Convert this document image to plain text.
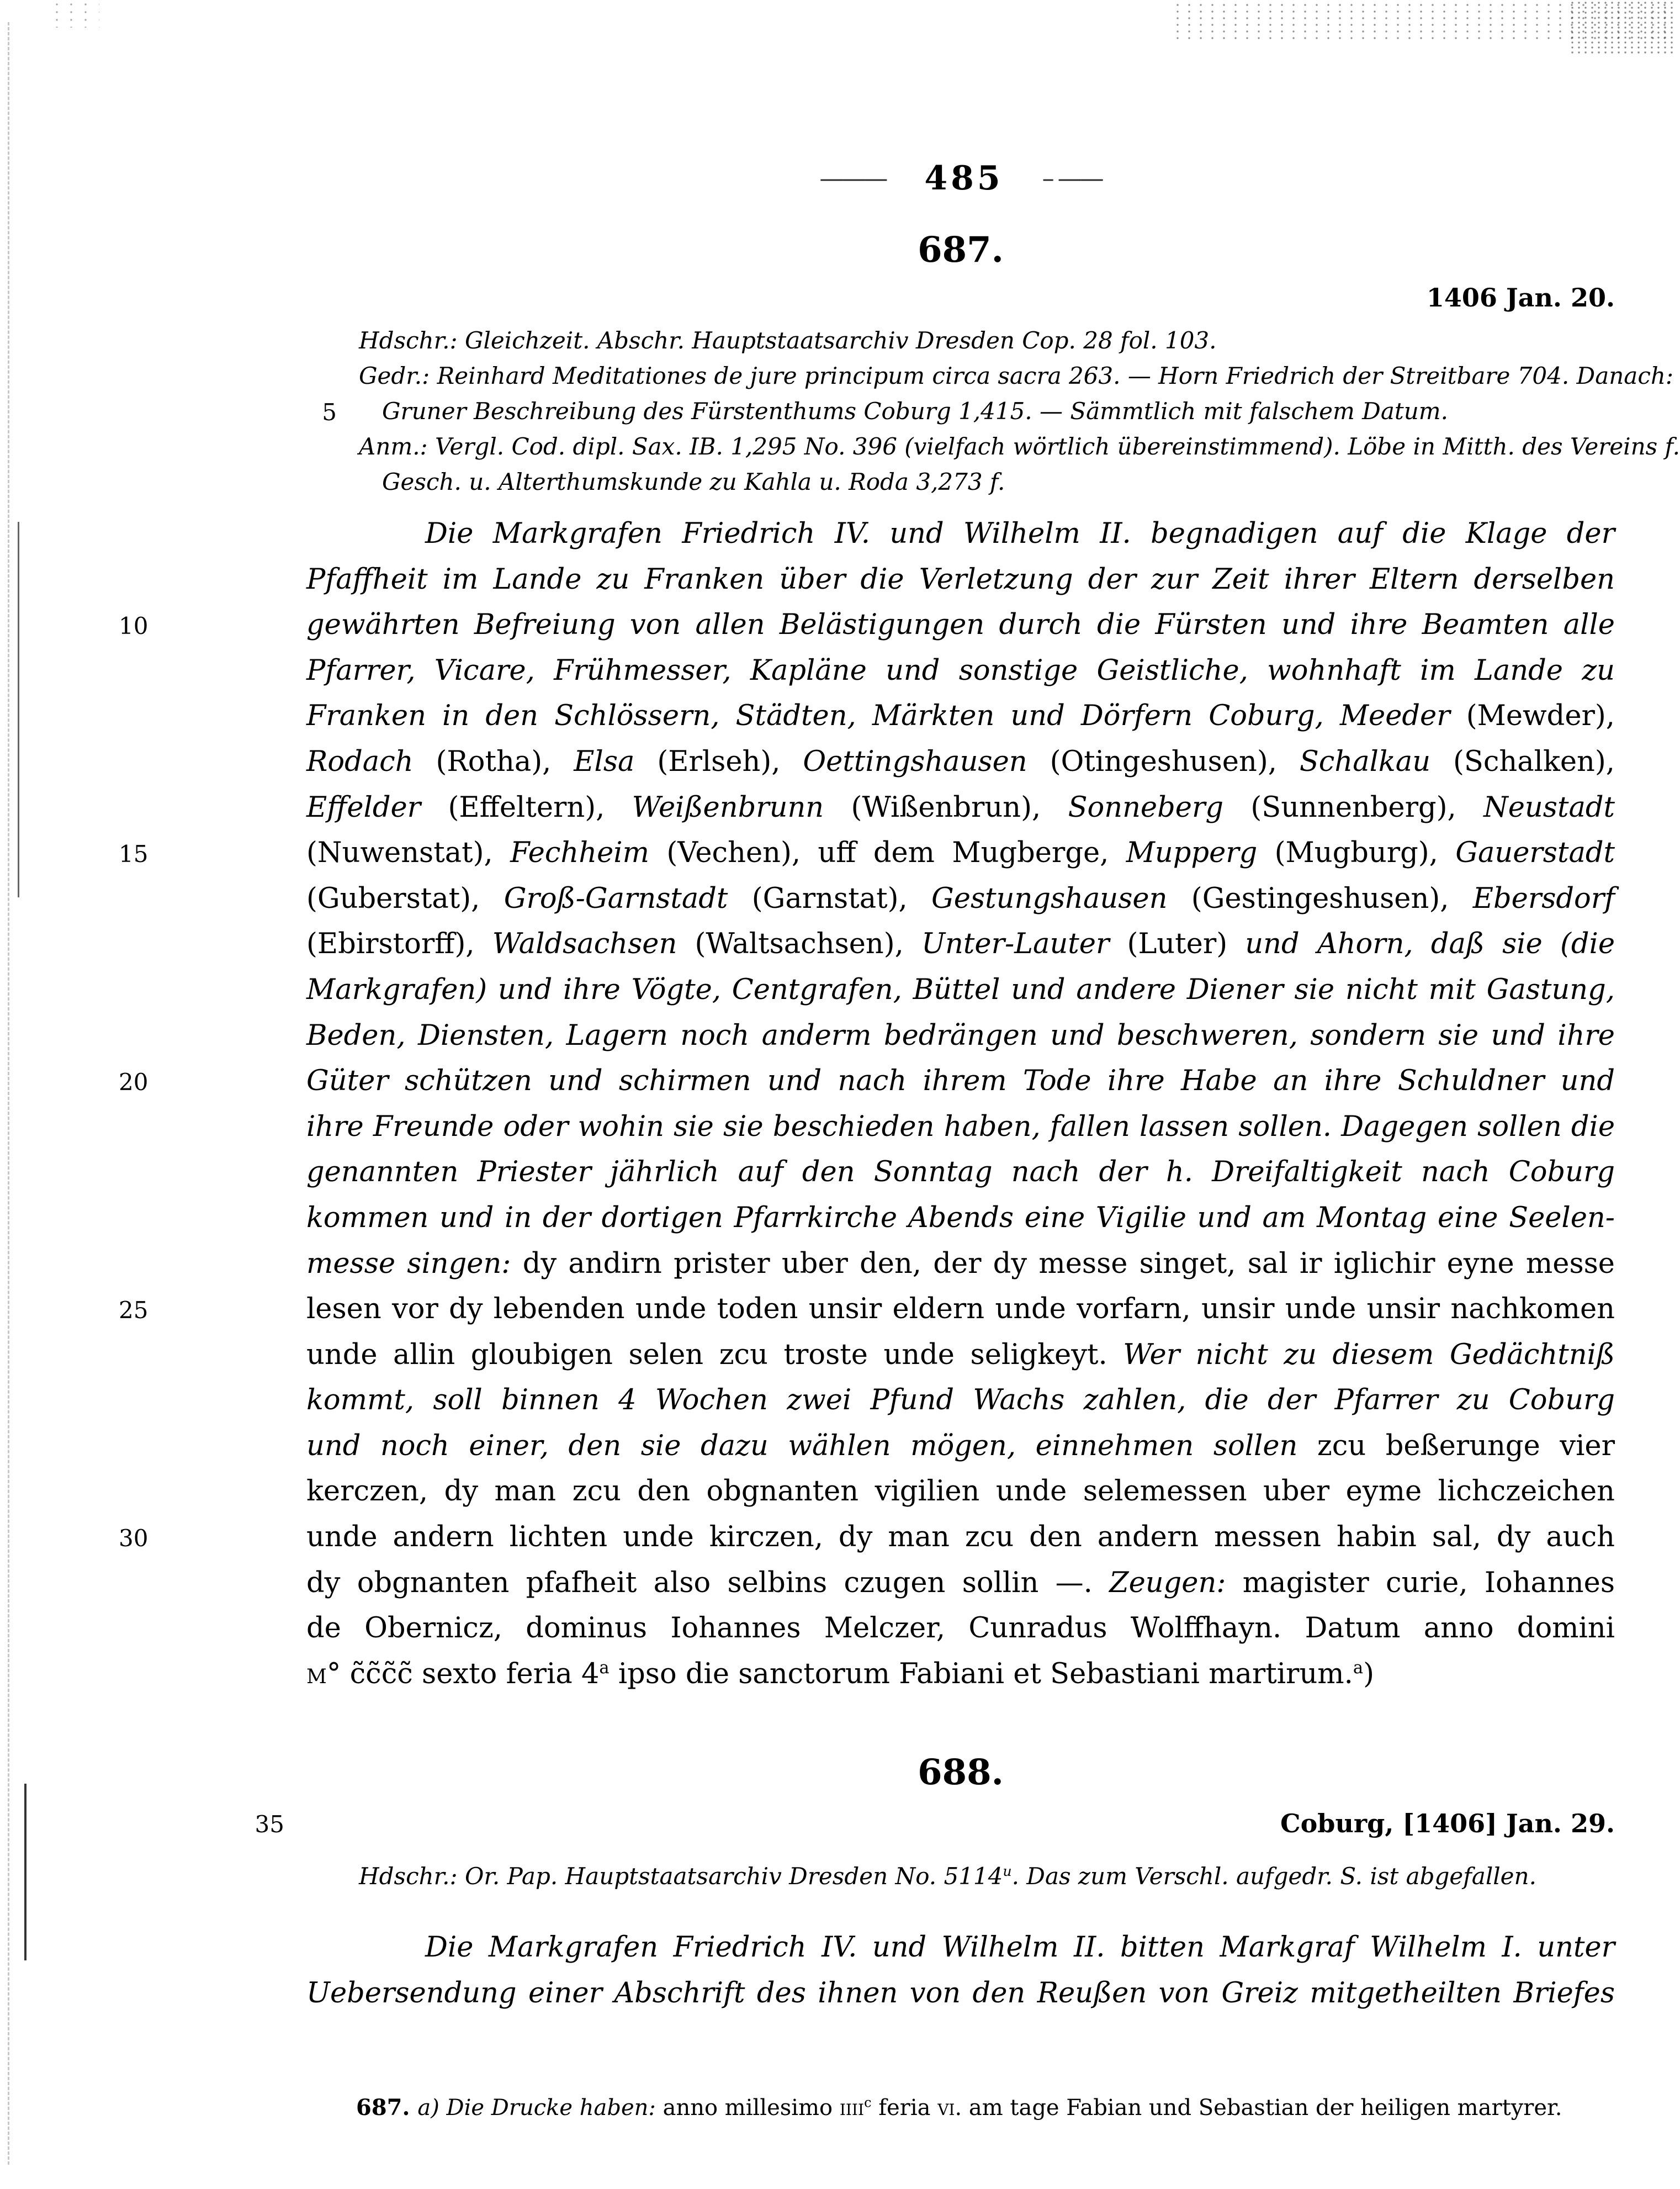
——— 485 – ——
687.
1406 Jan. 20.
Hdschr.: Gleichzeit. Abschr. Hauptstaatsarchiv Dresden Cop. 28 fol. 103.
Gedr.: Reinhard Meditationes de jure principum circa sacra 263. — Horn Friedrich der Streitbare 704. Danach:
5 Gruner Beschreibung des Fürstenthums Coburg 1,415. — Sämmtlich mit falschem Datum.
Anm.: Vergl. Cod. dipl. Sax. IB. 1,295 No. 396 (vielfach wörtlich übereinstimmend). Löbe in Mitth. des Vereins f.
Gesch. u. Alterthumskunde zu Kahla u. Roda 3,273 f.
Die Markgrafen Friedrich IV. und Wilhelm II. begnadigen auf die Klage der
Pfaffheit im Lande zu Franken über die Verletzung der zur Zeit ihrer Eltern derselben
10	gewährten Befreiung von allen Belästigungen durch die Fürsten und ihre Beamten alle
Pfarrer, Vicare, Frühmesser, Kapläne und sonstige Geistliche, wohnhaft im Lande zu
Franken in den Schlössern, Städten, Märkten und Dörfern Coburg, Meeder (Mewder),
Rodach (Rotha), Elsa (Erlseh), Oettingshausen (Otingeshusen), Schalkau (Schalken),
Effelder (Effeltern), Weißenbrunn (Wißenbrun), Sonneberg (Sunnenberg), Neustadt
15	(Nuwenstat), Fechheim (Vechen), uff dem Mugberge, Mupperg (Mugburg), Gauerstadt
(Guberstat), Groß-Garnstadt (Garnstat), Gestungshausen (Gestingeshusen), Ebersdorf
(Ebirstorff), Waldsachsen (Waltsachsen), Unter-Lauter (Luter) und Ahorn, daß sie (die
Markgrafen) und ihre Vögte, Centgrafen, Büttel und andere Diener sie nicht mit Gastung,
Beden, Diensten, Lagern noch anderm bedrängen und beschweren, sondern sie und ihre
20	Güter schützen und schirmen und nach ihrem Tode ihre Habe an ihre Schuldner und
ihre Freunde oder wohin sie sie beschieden haben, fallen lassen sollen. Dagegen sollen die
genannten Priester jährlich auf den Sonntag nach der h. Dreifaltigkeit nach Coburg
kommen und in der dortigen Pfarrkirche Abends eine Vigilie und am Montag eine Seelen-
messe singen: dy andirn prister uber den, der dy messe singet, sal ir iglichir eyne messe
25	lesen vor dy lebenden unde toden unsir eldern unde vorfarn, unsir unde unsir nachkomen
unde allin gloubigen selen zcu troste unde seligkeyt. Wer nicht zu diesem Gedächtniß
kommt, soll binnen 4 Wochen zwei Pfund Wachs zahlen, die der Pfarrer zu Coburg
und noch einer, den sie dazu wählen mögen, einnehmen sollen zcu beßerunge vier
kerczen, dy man zcu den obgnanten vigilien unde selemessen uber eyme lichczeichen
30	unde andern lichten unde kirczen, dy man zcu den andern messen habin sal, dy auch
dy obgnanten pfafheit also selbins czugen sollin —. Zeugen: magister curie, Iohannes
de Obernicz, dominus Iohannes Melczer, Cunradus Wolffhayn. Datum anno domini
m° c̃c̃c̃c̃ sexto feria 4$^a$ ipso die sanctorum Fabiani et Sebastiani martirum.$^a$)
688.
35	Coburg, [1406] Jan. 29.
Hdschr.: Or. Pap. Hauptstaatsarchiv Dresden No. 5114$^u$. Das zum Verschl. aufgedr. S. ist abgefallen.
Die Markgrafen Friedrich IV. und Wilhelm II. bitten Markgraf Wilhelm I. unter
Uebersendung einer Abschrift des ihnen von den Reußen von Greiz mitgetheilten Briefes
687. a) Die Drucke haben: anno millesimo iiii$^c$ feria vi. am tage Fabian und Sebastian der heiligen martyrer.
